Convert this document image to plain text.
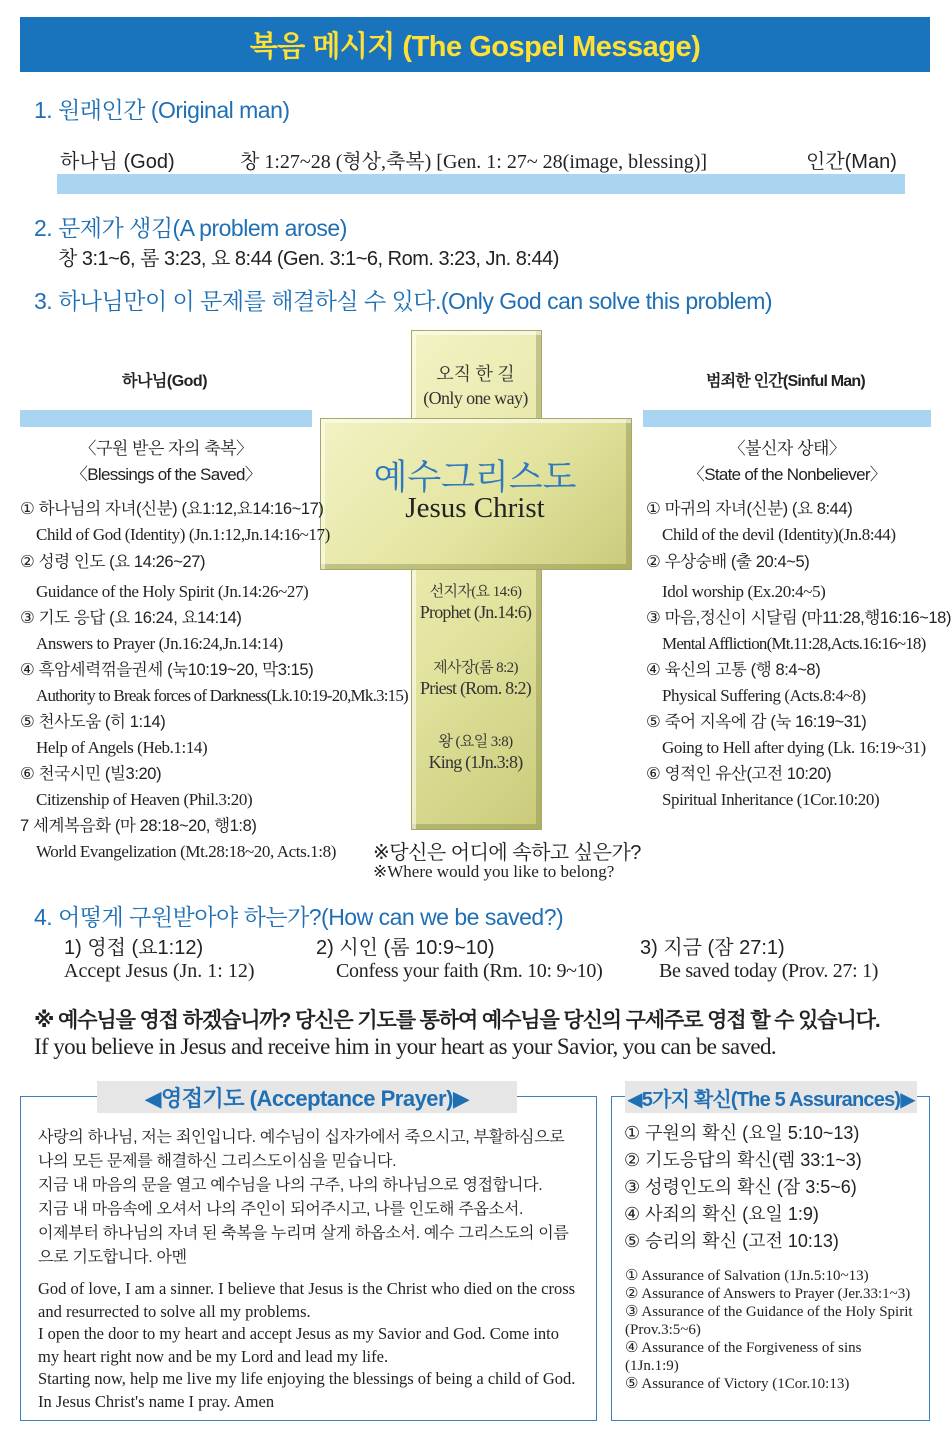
복음 메시지 (The Gospel Message)
1. 원래인간 (Original man)
하나님 (God)	창 1:27~28 (형상,축복) [Gen. 1: 27~ 28(image, blessing)]	인간(Man)
2. 문제가 생김(A problem arose)
창 3:1~6, 롬 3:23, 요 8:44 (Gen. 3:1~6, Rom. 3:23, Jn. 8:44)
3. 하나님만이 이 문제를 해결하실 수 있다.(Only God can solve this problem)
하나님(God)	범죄한 인간(Sinful Man)
오직 한 길
(Only one way)
예수그리스도
Jesus Christ
선지자(요 14:6)
Prophet (Jn.14:6)
제사장(롬 8:2)
Priest (Rom. 8:2)
왕 (요일 3:8)
King (1Jn.3:8)
〈구원 받은 자의 축복〉
〈Blessings of the Saved〉
① 하나님의 자녀(신분) (요1:12,요14:16~17)
Child of God (Identity) (Jn.1:12,Jn.14:16~17)
② 성령 인도 (요 14:26~27)
Guidance of the Holy Spirit (Jn.14:26~27)
③ 기도 응답 (요 16:24, 요14:14)
Answers to Prayer (Jn.16:24,Jn.14:14)
④ 흑암세력꺾을권세 (눅10:19~20, 막3:15)
Authority to Break forces of Darkness(Lk.10:19-20,Mk.3:15)
⑤ 천사도움 (히 1:14)
Help of Angels (Heb.1:14)
⑥ 천국시민 (빌3:20)
Citizenship of Heaven (Phil.3:20)
7 세계복음화 (마 28:18~20, 행1:8)
World Evangelization (Mt.28:18~20, Acts.1:8)
〈불신자 상태〉
〈State of the Nonbeliever〉
① 마귀의 자녀(신분) (요 8:44)
Child of the devil (Identity)(Jn.8:44)
② 우상숭배 (출 20:4~5)
Idol worship (Ex.20:4~5)
③ 마음,정신이 시달림 (마11:28,행16:16~18)
Mental Affliction(Mt.11:28,Acts.16:16~18)
④ 육신의 고통 (행 8:4~8)
Physical Suffering (Acts.8:4~8)
⑤ 죽어 지옥에 감 (눅 16:19~31)
Going to Hell after dying (Lk. 16:19~31)
⑥ 영적인 유산(고전 10:20)
Spiritual Inheritance (1Cor.10:20)
※당신은 어디에 속하고 싶은가?
※Where would you like to belong?
4. 어떻게 구원받아야 하는가?(How can we be saved?)
1) 영접 (요1:12)
Accept Jesus (Jn. 1: 12)
2) 시인 (롬 10:9~10)
Confess your faith (Rm. 10: 9~10)
3) 지금 (잠 27:1)
Be saved today (Prov. 27: 1)
※ 예수님을 영접 하겠습니까? 당신은 기도를 통하여 예수님을 당신의 구세주로 영접 할 수 있습니다.
If you believe in Jesus and receive him in your heart as your Savior, you can be saved.
◀영접기도 (Acceptance Prayer)▶
사랑의 하나님, 저는 죄인입니다. 예수님이 십자가에서 죽으시고, 부활하심으로 나의 모든 문제를 해결하신 그리스도이심을 믿습니다.
지금 내 마음의 문을 열고 예수님을 나의 구주, 나의 하나님으로 영접합니다.
지금 내 마음속에 오셔서 나의 주인이 되어주시고, 나를 인도해 주옵소서.
이제부터 하나님의 자녀 된 축복을 누리며 살게 하옵소서. 예수 그리스도의 이름으로 기도합니다. 아멘
God of love, I am a sinner. I believe that Jesus is the Christ who died on the cross and resurrected to solve all my problems.
I open the door to my heart and accept Jesus as my Savior and God. Come into my heart right now and be my Lord and lead my life.
Starting now, help me live my life enjoying the blessings of being a child of God. In Jesus Christ's name I pray. Amen
◀5가지 확신(The 5 Assurances)▶
① 구원의 확신 (요일 5:10~13)
② 기도응답의 확신(렘 33:1~3)
③ 성령인도의 확신 (잠 3:5~6)
④ 사죄의 확신 (요일 1:9)
⑤ 승리의 확신 (고전 10:13)
① Assurance of Salvation (1Jn.5:10~13)
② Assurance of Answers to Prayer (Jer.33:1~3)
③ Assurance of the Guidance of the Holy Spirit (Prov.3:5~6)
④ Assurance of the Forgiveness of sins (1Jn.1:9)
⑤ Assurance of Victory (1Cor.10:13)
